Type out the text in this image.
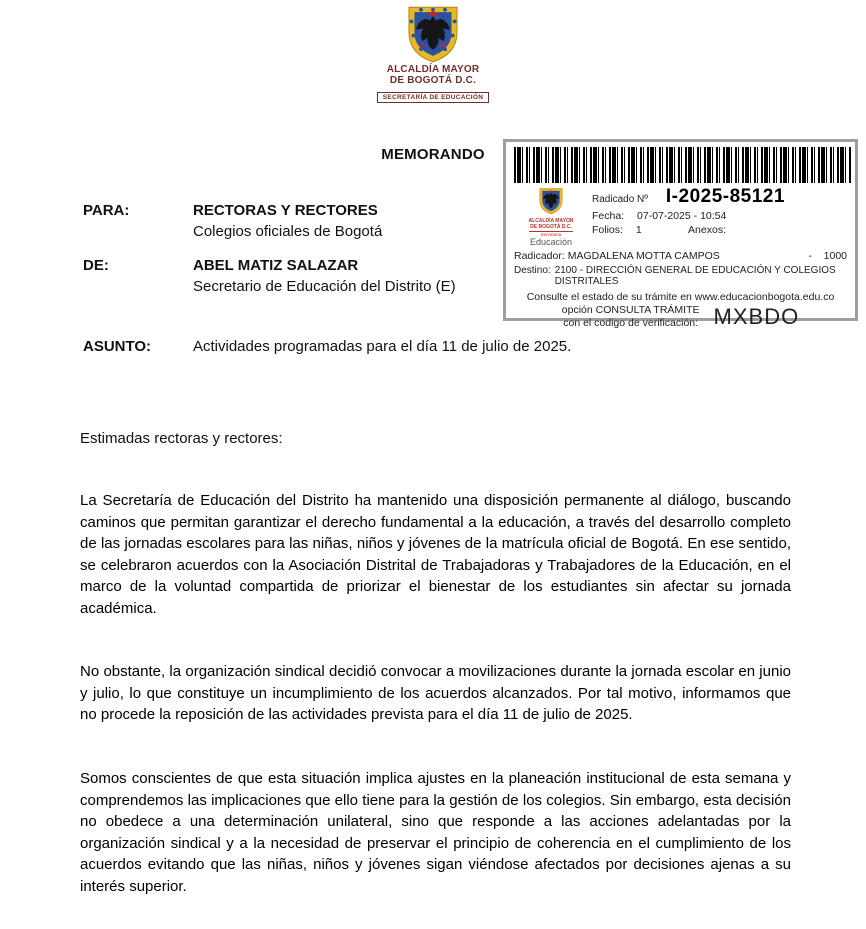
ALCALDÍA MAYOR
DE BOGOTÁ D.C.
SECRETARÍA DE EDUCACIÓN
MEMORANDO
ALCALDÍA MAYOR
DE BOGOTÁ D.C.
Secretaría
Educación
Radicado Nº I-2025-85121
Fecha: 07-07-2025 - 10:54
Folios: 1	Anexos:
Radicador: MAGDALENA MOTTA CAMPOS	-    1000
Destino: 2100 - DIRECCIÓN GENERAL DE EDUCACIÓN Y COLEGIOS DISTRITALES
Consulte el estado de su trámite en www.educacionbogota.edu.co
opción CONSULTA TRÁMITE
con el codigo de verificación: MXBDO
PARA:	RECTORAS Y RECTORES
Colegios oficiales de Bogotá
DE:	ABEL MATIZ SALAZAR
Secretario de Educación del Distrito (E)
ASUNTO:	Actividades programadas para el día 11 de julio de 2025.
Estimadas rectoras y rectores:
La Secretaría de Educación del Distrito ha mantenido una disposición permanente al diálogo, buscando caminos que permitan garantizar el derecho fundamental a la educación, a través del desarrollo completo de las jornadas escolares para las niñas, niños y jóvenes de la matrícula oficial de Bogotá. En ese sentido, se celebraron acuerdos con la Asociación Distrital de Trabajadoras y Trabajadores de la Educación, en el marco de la voluntad compartida de priorizar el bienestar de los estudiantes sin afectar su jornada académica.
No obstante, la organización sindical decidió convocar a movilizaciones durante la jornada escolar en junio y julio, lo que constituye un incumplimiento de los acuerdos alcanzados. Por tal motivo, informamos que no procede la reposición de las actividades prevista para el día 11 de julio de 2025.
Somos conscientes de que esta situación implica ajustes en la planeación institucional de esta semana y comprendemos las implicaciones que ello tiene para la gestión de los colegios. Sin embargo, esta decisión no obedece a una determinación unilateral, sino que responde a las acciones adelantadas por la organización sindical y a la necesidad de preservar el principio de coherencia en el cumplimiento de los acuerdos evitando que las niñas, niños y jóvenes sigan viéndose afectados por decisiones ajenas a su interés superior.
